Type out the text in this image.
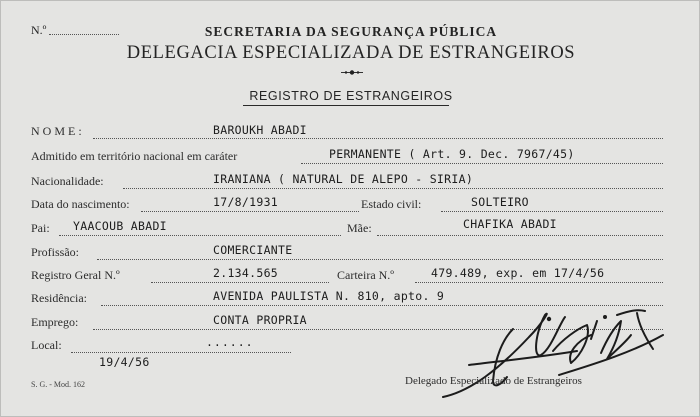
N.º	SECRETARIA DA SEGURANÇA PÚBLICA
DELEGACIA ESPECIALIZADA DE ESTRANGEIROS
REGISTRO DE ESTRANGEIROS
NOME:	BAROUKH ABADI
Admitido em território nacional em caráter	PERMANENTE ( Art. 9. Dec. 7967/45)
Nacionalidade:	IRANIANA ( NATURAL DE ALEPO - SIRIA)
Data do nascimento:	17/8/1931	Estado civil:	SOLTEIRO
Pai: YAACOUB ABADI	Mãe:	CHAFIKA ABADI
Profissão:	COMERCIANTE
Registro Geral N.º	2.134.565	Carteira N.º	479.489, exp. em 17/4/56
Residência:	AVENIDA PAULISTA N. 810, apto. 9
Emprego:	CONTA PROPRIA
Local:	......
19/4/56
S. G. - Mod. 162	Delegado Especializado de Estrangeiros
